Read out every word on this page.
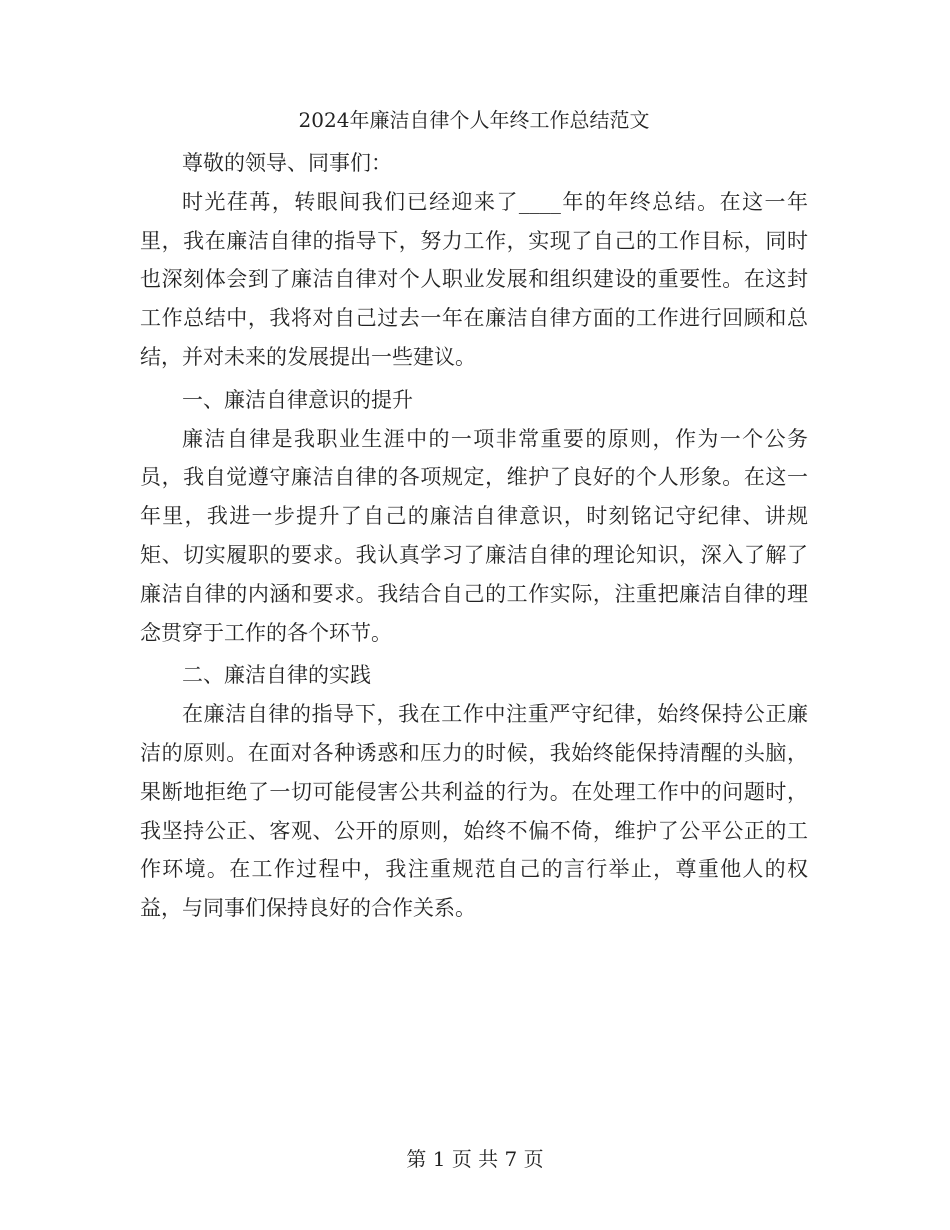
2024年廉洁自律个人年终工作总结范文

尊敬的领导、同事们：

时光荏苒，转眼间我们已经迎来了____年的年终总结。在这一年里，我在廉洁自律的指导下，努力工作，实现了自己的工作目标，同时也深刻体会到了廉洁自律对个人职业发展和组织建设的重要性。在这封工作总结中，我将对自己过去一年在廉洁自律方面的工作进行回顾和总结，并对未来的发展提出一些建议。

一、廉洁自律意识的提升

廉洁自律是我职业生涯中的一项非常重要的原则，作为一个公务员，我自觉遵守廉洁自律的各项规定，维护了良好的个人形象。在这一年里，我进一步提升了自己的廉洁自律意识，时刻铭记守纪律、讲规矩、切实履职的要求。我认真学习了廉洁自律的理论知识，深入了解了廉洁自律的内涵和要求。我结合自己的工作实际，注重把廉洁自律的理念贯穿于工作的各个环节。

二、廉洁自律的实践

在廉洁自律的指导下，我在工作中注重严守纪律，始终保持公正廉洁的原则。在面对各种诱惑和压力的时候，我始终能保持清醒的头脑，果断地拒绝了一切可能侵害公共利益的行为。在处理工作中的问题时，我坚持公正、客观、公开的原则，始终不偏不倚，维护了公平公正的工作环境。在工作过程中，我注重规范自己的言行举止，尊重他人的权益，与同事们保持良好的合作关系。

第 1 页 共 7 页
